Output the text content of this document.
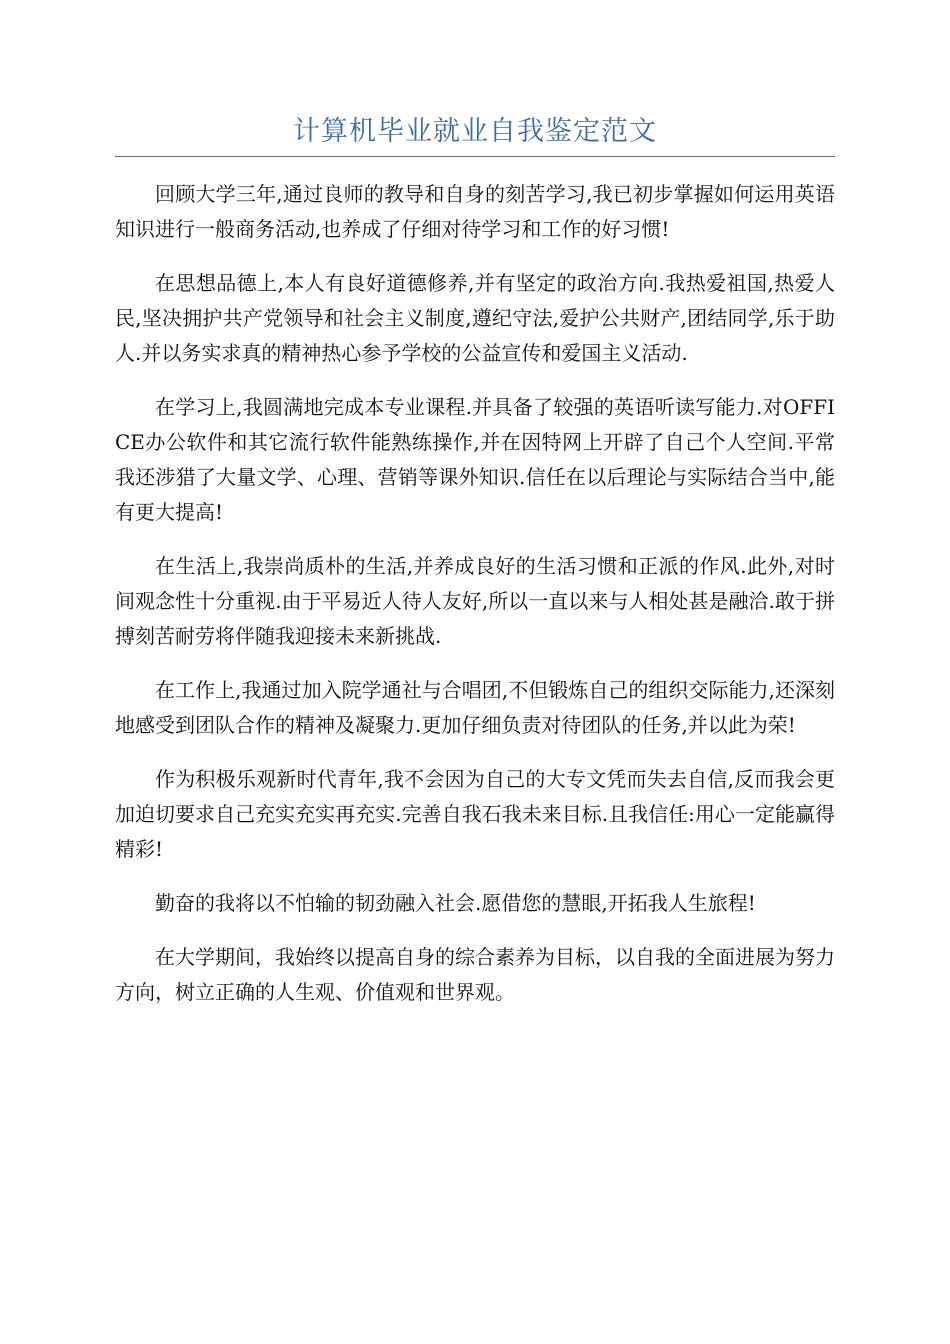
计算机毕业就业自我鉴定范文

回顾大学三年,通过良师的教导和自身的刻苦学习,我已初步掌握如何运用英语知识进行一般商务活动,也养成了仔细对待学习和工作的好习惯!

在思想品德上,本人有良好道德修养,并有坚定的政治方向.我热爱祖国,热爱人民,坚决拥护共产党领导和社会主义制度,遵纪守法,爱护公共财产,团结同学,乐于助人.并以务实求真的精神热心参予学校的公益宣传和爱国主义活动.

在学习上,我圆满地完成本专业课程.并具备了较强的英语听读写能力.对OFFICE办公软件和其它流行软件能熟练操作,并在因特网上开辟了自己个人空间.平常我还涉猎了大量文学、心理、营销等课外知识.信任在以后理论与实际结合当中,能有更大提高!

在生活上,我崇尚质朴的生活,并养成良好的生活习惯和正派的作风.此外,对时间观念性十分重视.由于平易近人待人友好,所以一直以来与人相处甚是融洽.敢于拼搏刻苦耐劳将伴随我迎接未来新挑战.

在工作上,我通过加入院学通社与合唱团,不但锻炼自己的组织交际能力,还深刻地感受到团队合作的精神及凝聚力.更加仔细负责对待团队的任务,并以此为荣!

作为积极乐观新时代青年,我不会因为自己的大专文凭而失去自信,反而我会更加迫切要求自己充实充实再充实.完善自我石我未来目标.且我信任:用心一定能赢得精彩!

勤奋的我将以不怕输的韧劲融入社会.愿借您的慧眼,开拓我人生旅程!

在大学期间，我始终以提高自身的综合素养为目标，以自我的全面进展为努力方向，树立正确的人生观、价值观和世界观。
